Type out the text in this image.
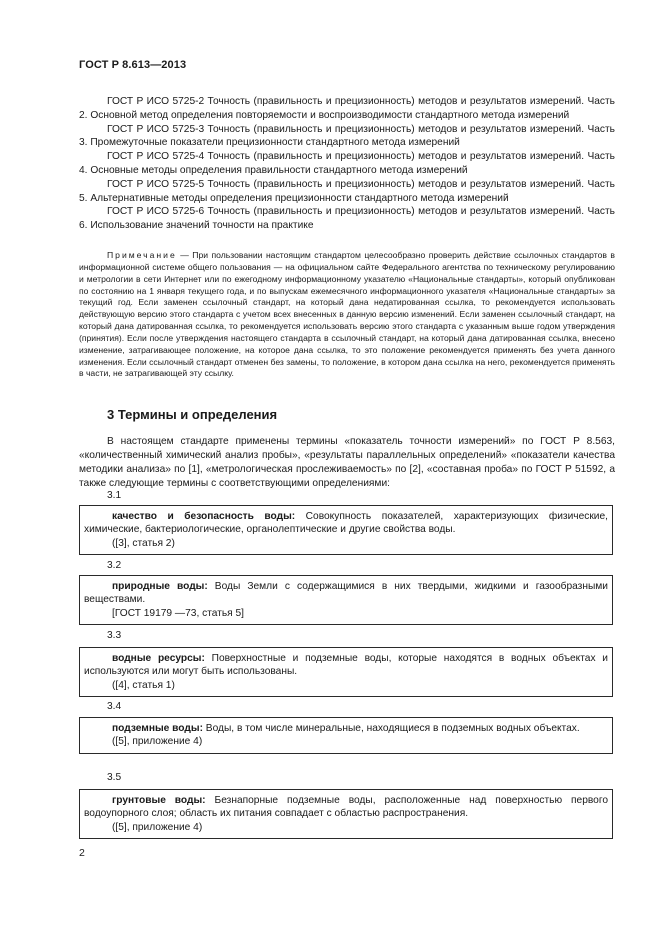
ГОСТ Р 8.613—2013

ГОСТ Р ИСО 5725-2 Точность (правильность и прецизионность) методов и результатов измерений. Часть 2. Основной метод определения повторяемости и воспроизводимости стандартного метода измерений

ГОСТ Р ИСО 5725-3 Точность (правильность и прецизионность) методов и результатов измерений. Часть 3. Промежуточные показатели прецизионности стандартного метода измерений

ГОСТ Р ИСО 5725-4 Точность (правильность и прецизионность) методов и результатов измерений. Часть 4. Основные методы определения правильности стандартного метода измерений

ГОСТ Р ИСО 5725-5 Точность (правильность и прецизионность) методов и результатов измерений. Часть 5. Альтернативные методы определения прецизионности стандартного метода измерений

ГОСТ Р ИСО 5725-6 Точность (правильность и прецизионность) методов и результатов измерений. Часть 6. Использование значений точности на практике

Примечание — При пользовании настоящим стандартом целесообразно проверить действие ссылочных стандартов в информационной системе общего пользования — на официальном сайте Федерального агентства по техническому регулированию и метрологии в сети Интернет или по ежегодному информационному указателю «Национальные стандарты», который опубликован по состоянию на 1 января текущего года, и по выпускам ежемесячного информационного указателя «Национальные стандарты» за текущий год. Если заменен ссылочный стандарт, на который дана недатированная ссылка, то рекомендуется использовать действующую версию этого стандарта с учетом всех внесенных в данную версию изменений. Если заменен ссылочный стандарт, на который дана датированная ссылка, то рекомендуется использовать версию этого стандарта с указанным выше годом утверждения (принятия). Если после утверждения настоящего стандарта в ссылочный стандарт, на который дана датированная ссылка, внесено изменение, затрагивающее положение, на которое дана ссылка, то это положение рекомендуется применять без учета данного изменения. Если ссылочный стандарт отменен без замены, то положение, в котором дана ссылка на него, рекомендуется применять в части, не затрагивающей эту ссылку.

3 Термины и определения

В настоящем стандарте применены термины «показатель точности измерений» по ГОСТ Р 8.563, «количественный химический анализ пробы», «результаты параллельных определений» «показатели качества методики анализа» по [1], «метрологическая прослеживаемость» по [2], «составная проба» по ГОСТ Р 51592, а также следующие термины с соответствующими определениями:

3.1

качество и безопасность воды: Совокупность показателей, характеризующих физические, химические, бактериологические, органолептические и другие свойства воды.

([3], статья 2)

3.2

природные воды: Воды Земли с содержащимися в них твердыми, жидкими и газообразными веществами.

[ГОСТ 19179 —73, статья 5]

3.3

водные ресурсы: Поверхностные и подземные воды, которые находятся в водных объектах и используются или могут быть использованы.

([4], статья 1)

3.4

подземные воды: Воды, в том числе минеральные, находящиеся в подземных водных объектах.

([5], приложение 4)

3.5

грунтовые воды: Безнапорные подземные воды, расположенные над поверхностью первого водоупорного слоя; область их питания совпадает с областью распространения.

([5], приложение 4)

2
